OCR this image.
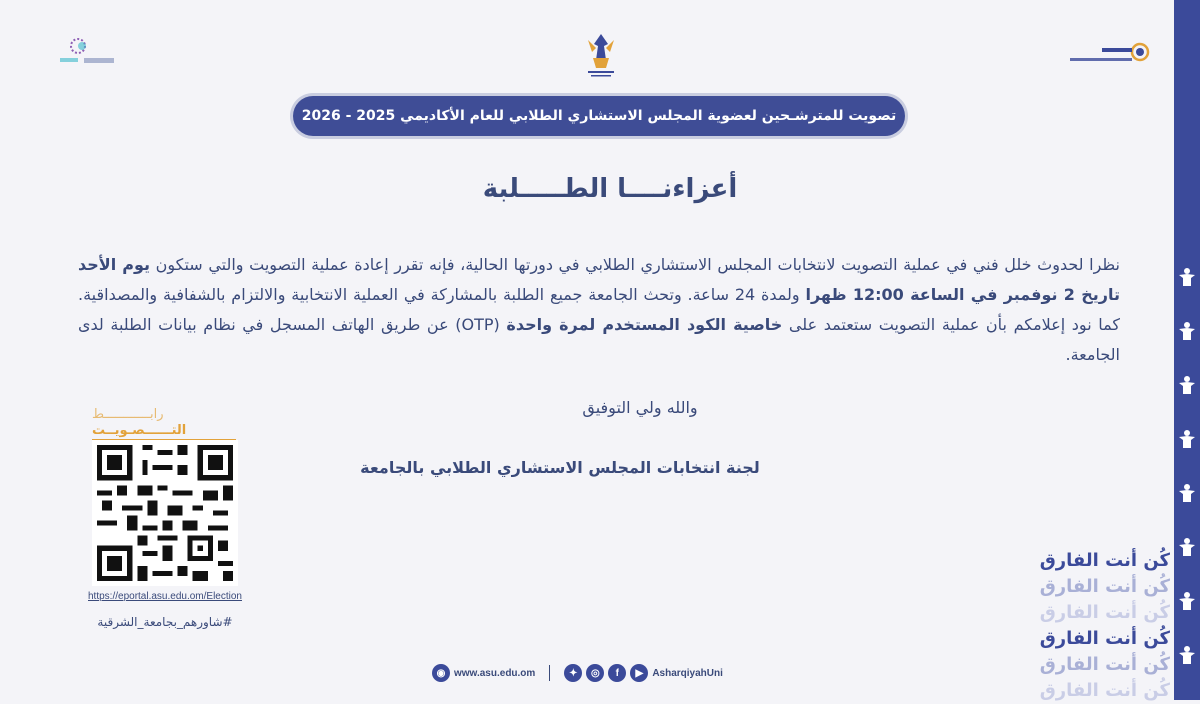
تصويت للمترشـحين لعضوية المجلس الاستشاري الطلابي للعام الأكاديمي 2025 - 2026
أعزاءنــــا الطـــــلبة
نظرا لحدوث خلل فني في عملية التصويت لانتخابات المجلس الاستشاري الطلابي في دورتها الحالية، فإنه تقرر إعادة عملية التصويت والتي ستكون يوم الأحد تاريخ 2 نوفمبر في الساعة 12:00 ظهرا ولمدة 24 ساعة. وتحث الجامعة جميع الطلبة بالمشاركة في العملية الانتخابية والالتزام بالشفافية والمصداقية. كما نود إعلامكم بأن عملية التصويت ستعتمد على خاصية الكود المستخدم لمرة واحدة (OTP) عن طريق الهاتف المسجل في نظام بيانات الطلبة لدى الجامعة.
والله ولي التوفيق
لجنة انتخابات المجلس الاستشاري الطلابي بالجامعة
رابــــــــــــط
التــــــصـويــت
https://eportal.asu.edu.om/Election
#شاورهم_بجامعة_الشرقية
كُن أنت الفارق
كُن أنت الفارق
كُن أنت الفارق
كُن أنت الفارق
كُن أنت الفارق
كُن أنت الفارق
◉ www.asu.edu.om	✦	◎	f	▶ AsharqiyahUni
